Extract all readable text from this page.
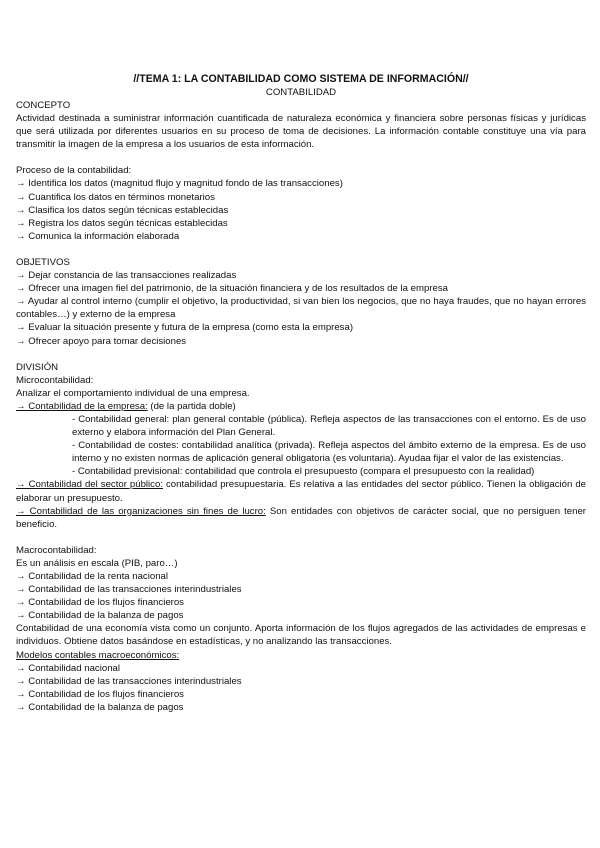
//TEMA 1: LA CONTABILIDAD COMO SISTEMA DE INFORMACIÓN//
CONTABILIDAD

CONCEPTO

Actividad destinada a suministrar información cuantificada de naturaleza económica y financiera sobre personas físicas y jurídicas que será utilizada por diferentes usuarios en su proceso de toma de decisiones. La información contable constituye una vía para transmitir la imagen de la empresa a los usuarios de esta información.

Proceso de la contabilidad:

→ Identifica los datos (magnitud flujo y magnitud fondo de las transacciones)

→ Cuantifica los datos en términos monetarios

→ Clasifica los datos según técnicas establecidas

→ Registra los datos según técnicas establecidas

→ Comunica la información elaborada

OBJETIVOS

→ Dejar constancia de las transacciones realizadas

→ Ofrecer una imagen fiel del patrimonio, de la situación financiera y de los resultados de la empresa

→ Ayudar al control interno (cumplir el objetivo, la productividad, si van bien los negocios, que no haya fraudes, que no hayan errores contables…) y externo de la empresa

→ Evaluar la situación presente y futura de la empresa (como esta la empresa)

→ Ofrecer apoyo para tomar decisiones

DIVISIÓN

Microcontabilidad:

Analizar el comportamiento individual de una empresa.

→ Contabilidad de la empresa: (de la partida doble)

- Contabilidad general: plan general contable (pública). Refleja aspectos de las transacciones con el entorno. Es de uso externo y elabora información del Plan General.

- Contabilidad de costes: contabilidad analítica (privada). Refleja aspectos del ámbito externo de la empresa. Es de uso interno y no existen normas de aplicación general obligatoria (es voluntaria). Ayudaa fijar el valor de las existencias.

- Contabilidad previsional: contabilidad que controla el presupuesto (compara el presupuesto con la realidad)

→ Contabilidad del sector público: contabilidad presupuestaria. Es relativa a las entidades del sector público. Tienen la obligación de elaborar un presupuesto.

→ Contabilidad de las organizaciones sin fines de lucro: Son entidades con objetivos de carácter social, que no persiguen tener beneficio.

Macrocontabilidad:

Es un análisis en escala (PIB, paro…)

→ Contabilidad de la renta nacional

→ Contabilidad de las transacciones interindustriales

→ Contabilidad de los flujos financieros

→ Contabilidad de la balanza de pagos

Contabilidad de una economía vista como un conjunto. Aporta información de los flujos agregados de las actividades de empresas e individuos. Obtiene datos basándose en estadísticas, y no analizando las transacciones.

Modelos contables macroeconómicos:

→ Contabilidad nacional

→ Contabilidad de las transacciones interindustriales

→ Contabilidad de los flujos financieros

→ Contabilidad de la balanza de pagos
